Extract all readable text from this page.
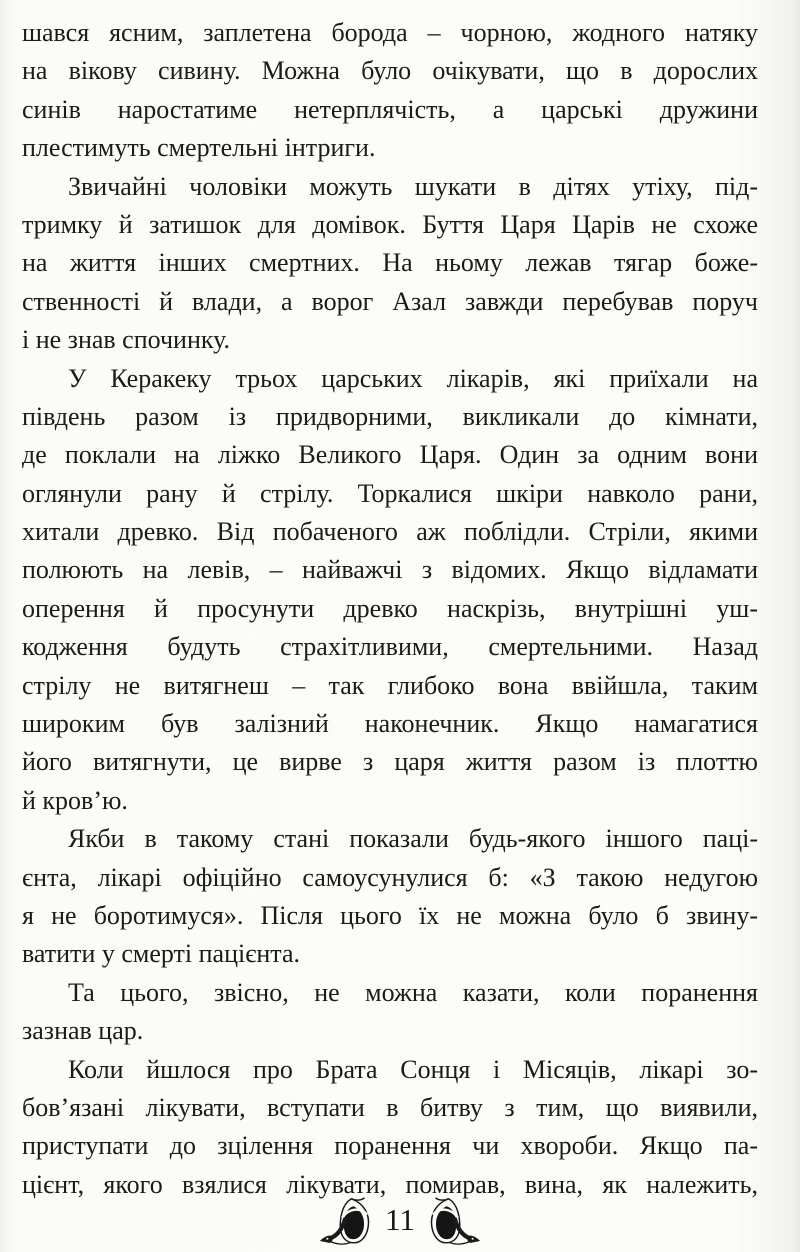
шався ясним, заплетена борода – чорною, жодного натяку
на вікову сивину. Можна було очікувати, що в дорослих
синів наростатиме нетерплячість, а царські дружини
плестимуть смертельні інтриги.
Звичайні чоловіки можуть шукати в дітях утіху, під-
тримку й затишок для домівок. Буття Царя Царів не схоже
на життя інших смертних. На ньому лежав тягар боже-
ственності й влади, а ворог Азал завжди перебував поруч
і не знав спочинку.
У Керакеку трьох царських лікарів, які приїхали на
південь разом із придворними, викликали до кімнати,
де поклали на ліжко Великого Царя. Один за одним вони
оглянули рану й стрілу. Торкалися шкіри навколо рани,
хитали древко. Від побаченого аж поблідли. Стріли, якими
полюють на левів, – найважчі з відомих. Якщо відламати
оперення й просунути древко наскрізь, внутрішні уш-
кодження будуть страхітливими, смертельними. Назад
стрілу не витягнеш – так глибоко вона ввійшла, таким
широким був залізний наконечник. Якщо намагатися
його витягнути, це вирве з царя життя разом із плоттю
й кров’ю.
Якби в такому стані показали будь-якого іншого паці-
єнта, лікарі офіційно самоусунулися б: «З такою недугою
я не боротимуся». Після цього їх не можна було б звину-
ватити у смерті пацієнта.
Та цього, звісно, не можна казати, коли поранення
зазнав цар.
Коли йшлося про Брата Сонця і Місяців, лікарі зо-
бов’язані лікувати, вступати в битву з тим, що виявили,
приступати до зцілення поранення чи хвороби. Якщо па-
цієнт, якого взялися лікувати, помирав, вина, як належить,
11
